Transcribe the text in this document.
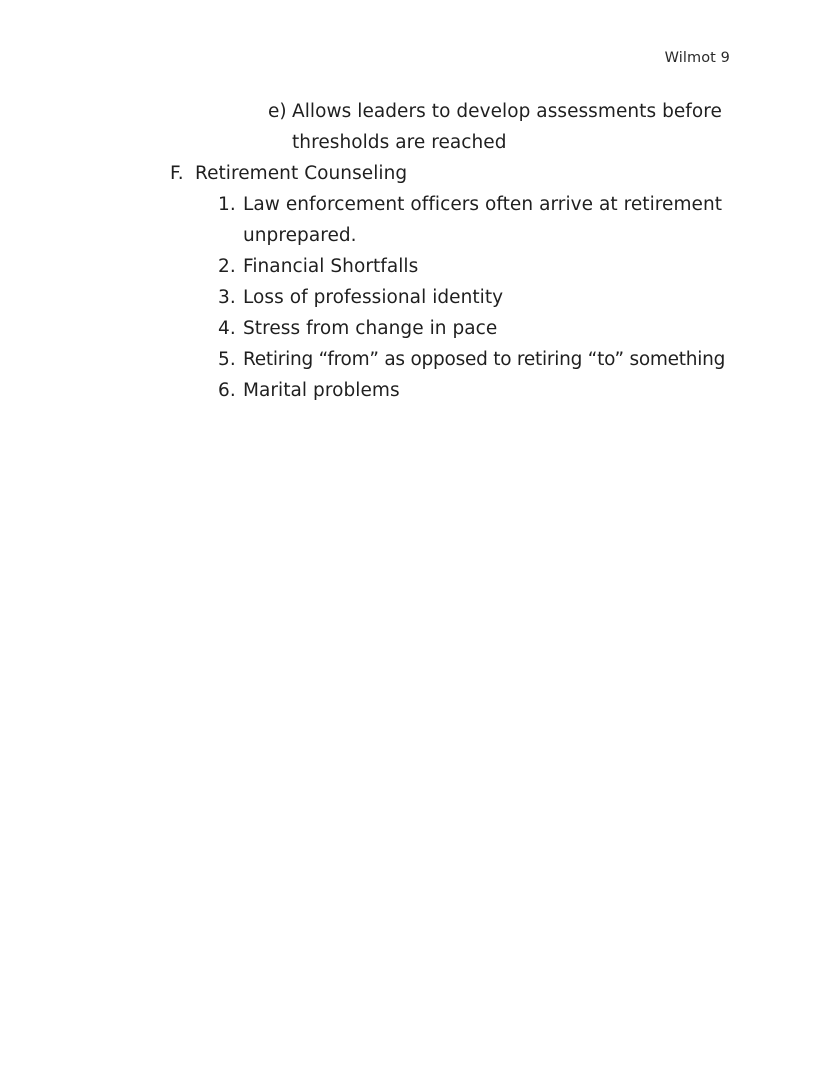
Wilmot 9
e) Allows leaders to develop assessments before
thresholds are reached
F. Retirement Counseling
1. Law enforcement officers often arrive at retirement
unprepared.
2. Financial Shortfalls
3. Loss of professional identity
4. Stress from change in pace
5. Retiring “from” as opposed to retiring “to” something
6. Marital problems
